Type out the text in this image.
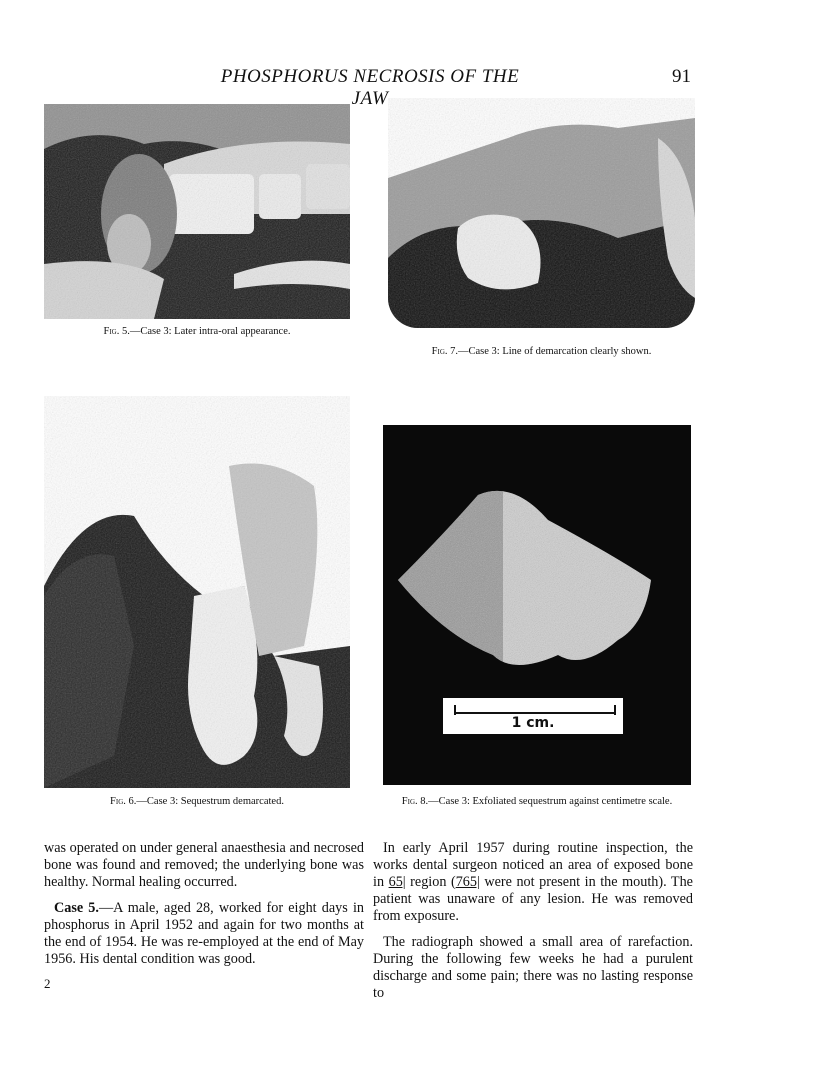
PHOSPHORUS NECROSIS OF THE JAW
91
Fig. 5.—Case 3: Later intra-oral appearance.
Fig. 7.—Case 3: Line of demarcation clearly shown.
Fig. 6.—Case 3: Sequestrum demarcated.
1 cm.
Fig. 8.—Case 3: Exfoliated sequestrum against centimetre scale.

was operated on under general anaesthesia and necrosed bone was found and removed; the underlying bone was healthy. Normal healing occurred.

Case 5.—A male, aged 28, worked for eight days in phosphorus in April 1952 and again for two months at the end of 1954. He was re-employed at the end of May 1956. His dental condition was good.

In early April 1957 during routine inspection, the works dental surgeon noticed an area of exposed bone in 65| region (765| were not present in the mouth). The patient was unaware of any lesion. He was removed from exposure.

The radiograph showed a small area of rarefaction. During the following few weeks he had a purulent discharge and some pain; there was no lasting response to

2
